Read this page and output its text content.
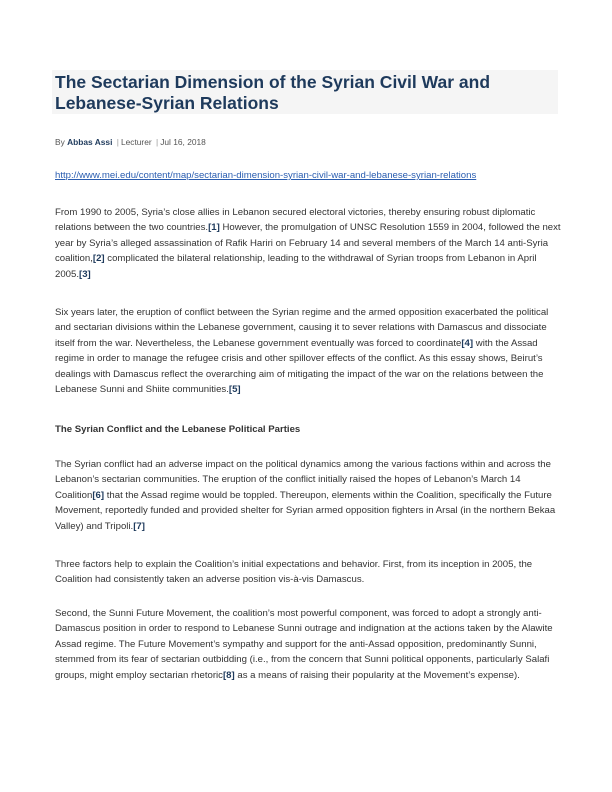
The Sectarian Dimension of the Syrian Civil War and Lebanese-Syrian Relations
By Abbas Assi | Lecturer | Jul 16, 2018
http://www.mei.edu/content/map/sectarian-dimension-syrian-civil-war-and-lebanese-syrian-relations

From 1990 to 2005, Syria’s close allies in Lebanon secured electoral victories, thereby ensuring robust diplomatic relations between the two countries.[1] However, the promulgation of UNSC Resolution 1559 in 2004, followed the next year by Syria’s alleged assassination of Rafik Hariri on February 14 and several members of the March 14 anti-Syria coalition,[2] complicated the bilateral relationship, leading to the withdrawal of Syrian troops from Lebanon in April 2005.[3]

Six years later, the eruption of conflict between the Syrian regime and the armed opposition exacerbated the political and sectarian divisions within the Lebanese government, causing it to sever relations with Damascus and dissociate itself from the war. Nevertheless, the Lebanese government eventually was forced to coordinate[4] with the Assad regime in order to manage the refugee crisis and other spillover effects of the conflict. As this essay shows, Beirut’s dealings with Damascus reflect the overarching aim of mitigating the impact of the war on the relations between the Lebanese Sunni and Shiite communities.[5]

The Syrian Conflict and the Lebanese Political Parties

The Syrian conflict had an adverse impact on the political dynamics among the various factions within and across the Lebanon’s sectarian communities. The eruption of the conflict initially raised the hopes of Lebanon’s March 14 Coalition[6] that the Assad regime would be toppled. Thereupon, elements within the Coalition, specifically the Future Movement, reportedly funded and provided shelter for Syrian armed opposition fighters in Arsal (in the northern Bekaa Valley) and Tripoli.[7]

Three factors help to explain the Coalition’s initial expectations and behavior. First, from its inception in 2005, the Coalition had consistently taken an adverse position vis-à-vis Damascus.

Second, the Sunni Future Movement, the coalition’s most powerful component, was forced to adopt a strongly anti-Damascus position in order to respond to Lebanese Sunni outrage and indignation at the actions taken by the Alawite Assad regime. The Future Movement’s sympathy and support for the anti-Assad opposition, predominantly Sunni, stemmed from its fear of sectarian outbidding (i.e., from the concern that Sunni political opponents, particularly Salafi groups, might employ sectarian rhetoric[8] as a means of raising their popularity at the Movement’s expense).
